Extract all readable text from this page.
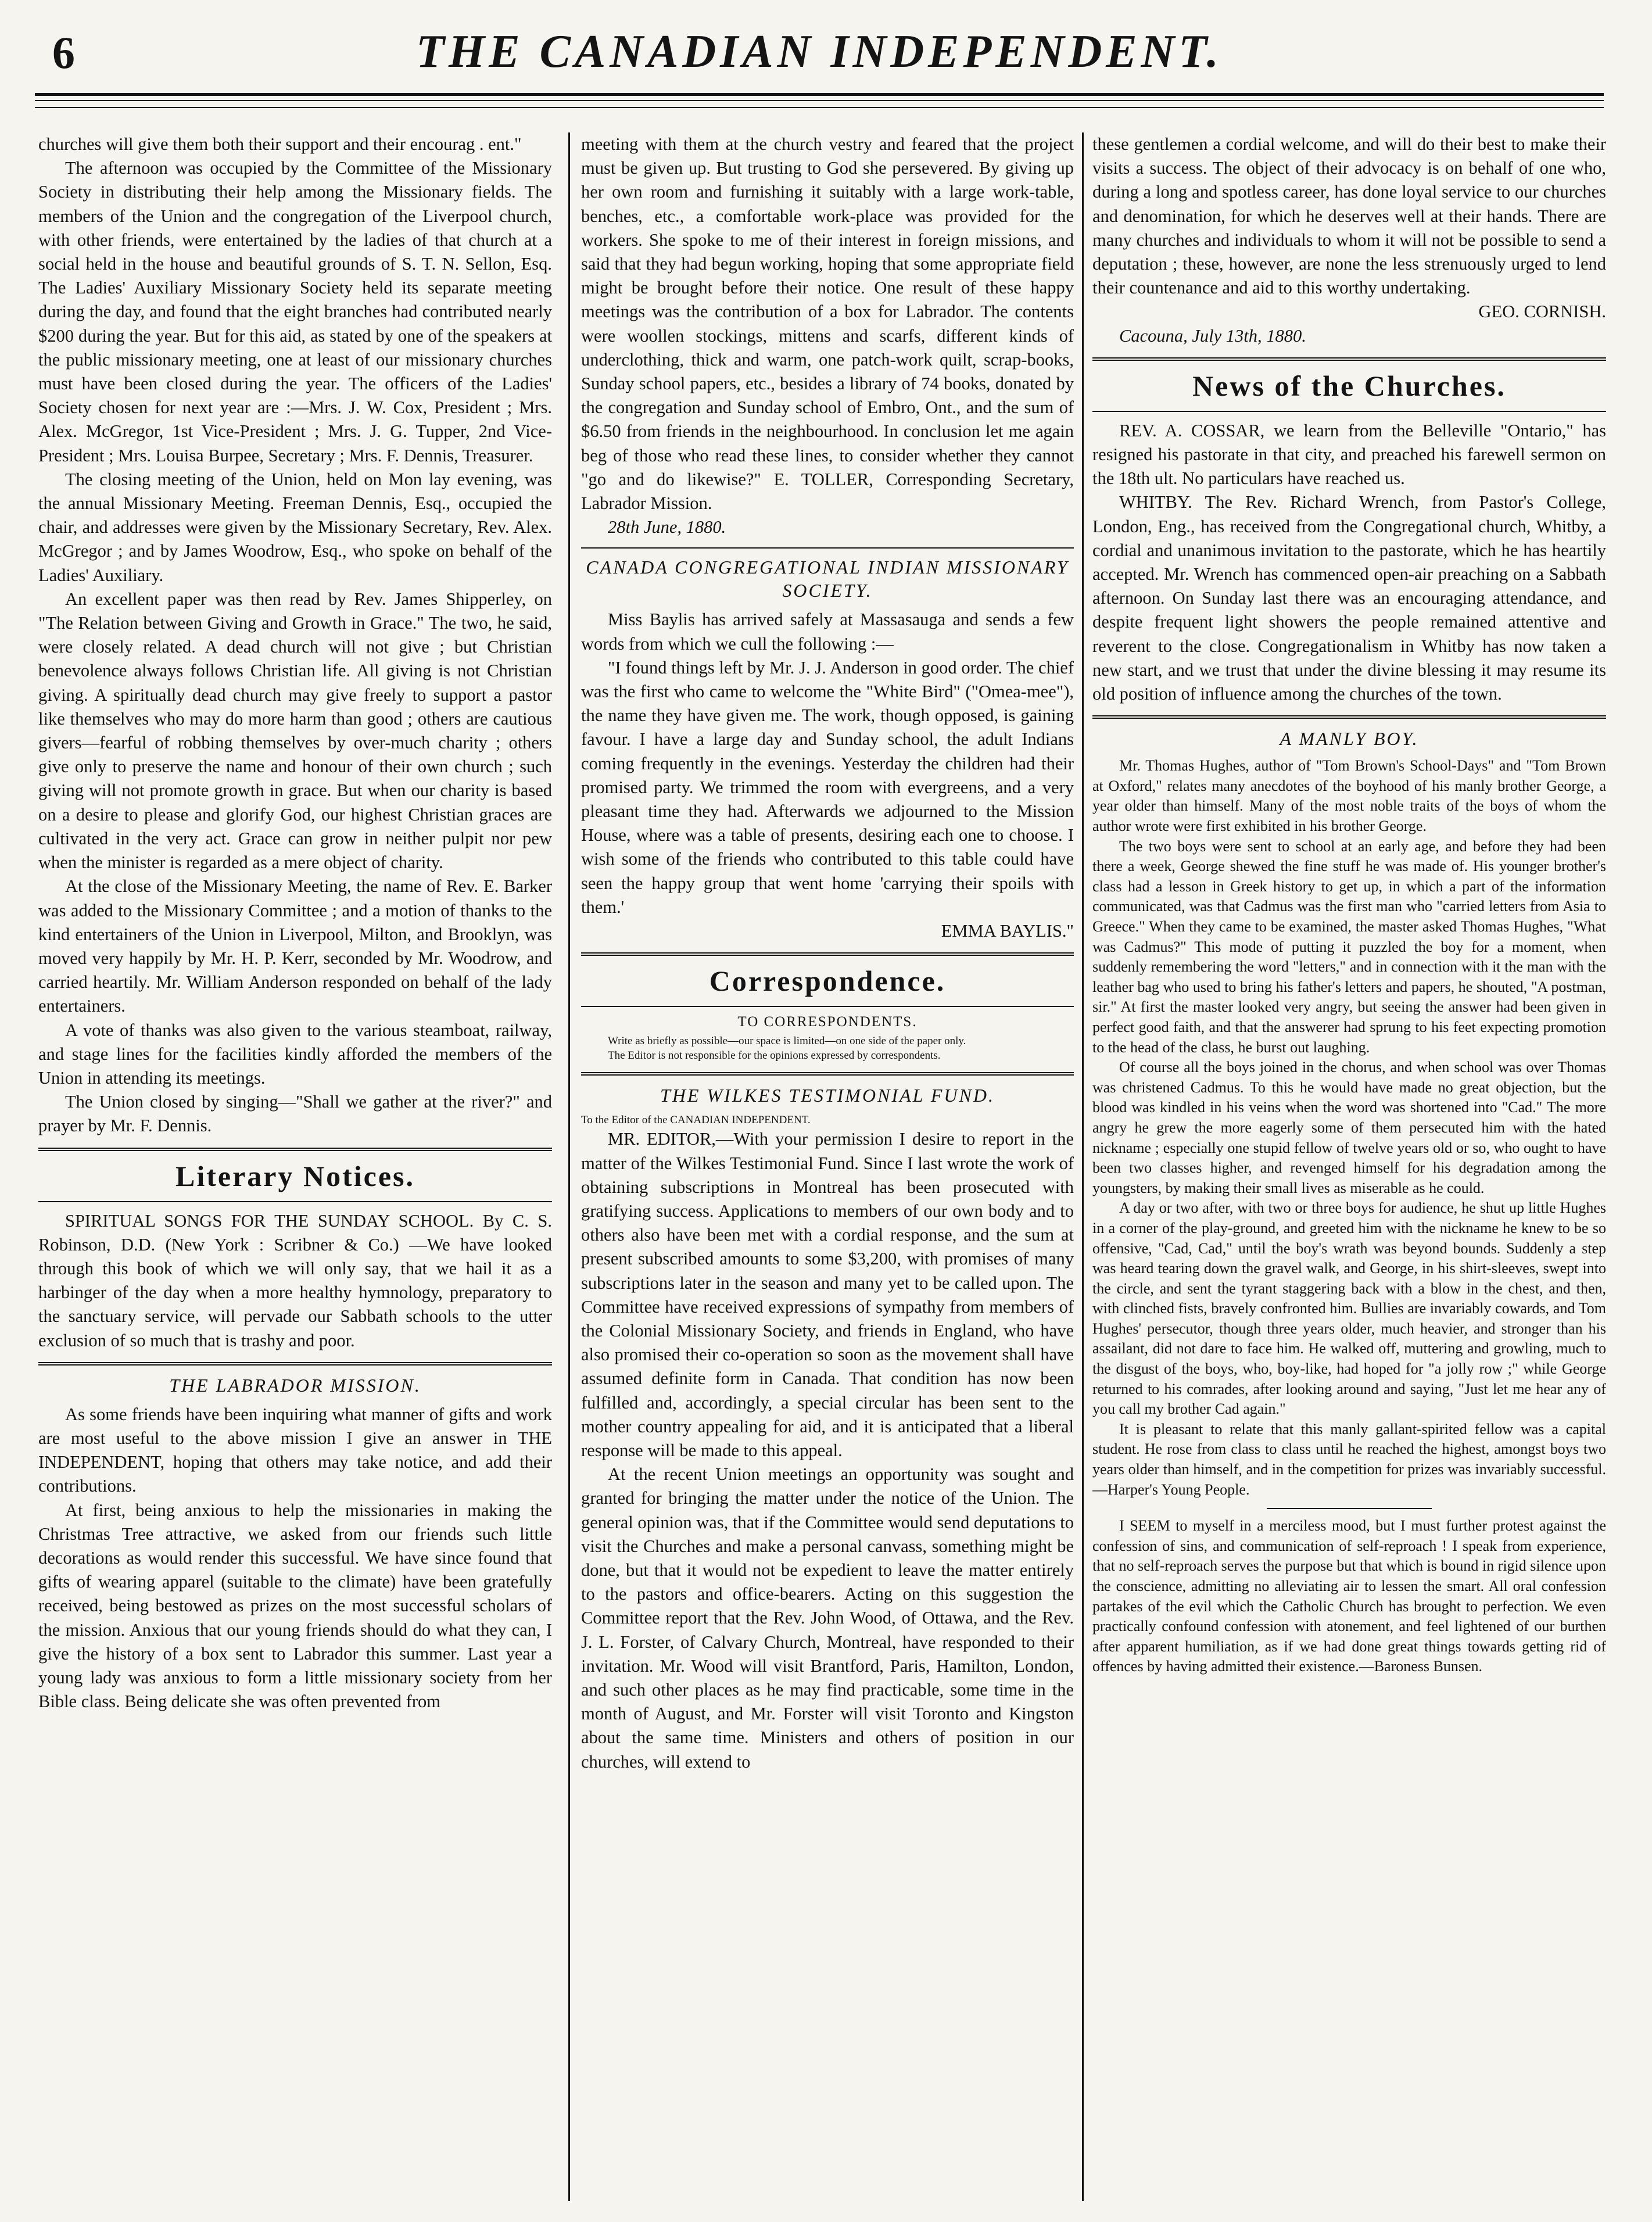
6	THE CANADIAN INDEPENDENT.

churches will give them both their support and their encourag . ent."

The afternoon was occupied by the Committee of the Missionary Society in distributing their help among the Missionary fields. The members of the Union and the congregation of the Liverpool church, with other friends, were entertained by the ladies of that church at a social held in the house and beautiful grounds of S. T. N. Sellon, Esq. The Ladies' Auxiliary Missionary Society held its separate meeting during the day, and found that the eight branches had contributed nearly $200 during the year. But for this aid, as stated by one of the speakers at the public missionary meeting, one at least of our missionary churches must have been closed during the year. The officers of the Ladies' Society chosen for next year are :—Mrs. J. W. Cox, President ; Mrs. Alex. McGregor, 1st Vice-President ; Mrs. J. G. Tupper, 2nd Vice-President ; Mrs. Louisa Burpee, Secretary ; Mrs. F. Dennis, Treasurer.

The closing meeting of the Union, held on Mon lay evening, was the annual Missionary Meeting. Freeman Dennis, Esq., occupied the chair, and addresses were given by the Missionary Secretary, Rev. Alex. McGregor ; and by James Woodrow, Esq., who spoke on behalf of the Ladies' Auxiliary.

An excellent paper was then read by Rev. James Shipperley, on "The Relation between Giving and Growth in Grace." The two, he said, were closely related. A dead church will not give ; but Christian benevolence always follows Christian life. All giving is not Christian giving. A spiritually dead church may give freely to support a pastor like themselves who may do more harm than good ; others are cautious givers—fearful of robbing themselves by over-much charity ; others give only to preserve the name and honour of their own church ; such giving will not promote growth in grace. But when our charity is based on a desire to please and glorify God, our highest Christian graces are cultivated in the very act. Grace can grow in neither pulpit nor pew when the minister is regarded as a mere object of charity.

At the close of the Missionary Meeting, the name of Rev. E. Barker was added to the Missionary Committee ; and a motion of thanks to the kind entertainers of the Union in Liverpool, Milton, and Brooklyn, was moved very happily by Mr. H. P. Kerr, seconded by Mr. Woodrow, and carried heartily. Mr. William Anderson responded on behalf of the lady entertainers.

A vote of thanks was also given to the various steamboat, railway, and stage lines for the facilities kindly afforded the members of the Union in attending its meetings.

The Union closed by singing—"Shall we gather at the river?" and prayer by Mr. F. Dennis.

Literary Notices.

SPIRITUAL SONGS FOR THE SUNDAY SCHOOL. By C. S. Robinson, D.D. (New York : Scribner & Co.) —We have looked through this book of which we will only say, that we hail it as a harbinger of the day when a more healthy hymnology, preparatory to the sanctuary service, will pervade our Sabbath schools to the utter exclusion of so much that is trashy and poor.

THE LABRADOR MISSION.

As some friends have been inquiring what manner of gifts and work are most useful to the above mission I give an answer in THE INDEPENDENT, hoping that others may take notice, and add their contributions.

At first, being anxious to help the missionaries in making the Christmas Tree attractive, we asked from our friends such little decorations as would render this successful. We have since found that gifts of wearing apparel (suitable to the climate) have been gratefully received, being bestowed as prizes on the most successful scholars of the mission. Anxious that our young friends should do what they can, I give the history of a box sent to Labrador this summer. Last year a young lady was anxious to form a little missionary society from her Bible class. Being delicate she was often prevented from

meeting with them at the church vestry and feared that the project must be given up. But trusting to God she persevered. By giving up her own room and furnishing it suitably with a large work-table, benches, etc., a comfortable work-place was provided for the workers. She spoke to me of their interest in foreign missions, and said that they had begun working, hoping that some appropriate field might be brought before their notice. One result of these happy meetings was the contribution of a box for Labrador. The contents were woollen stockings, mittens and scarfs, different kinds of underclothing, thick and warm, one patch-work quilt, scrap-books, Sunday school papers, etc., besides a library of 74 books, donated by the congregation and Sunday school of Embro, Ont., and the sum of $6.50 from friends in the neighbourhood. In conclusion let me again beg of those who read these lines, to consider whether they cannot "go and do likewise?" E. TOLLER, Corresponding Secretary, Labrador Mission.

28th June, 1880.

CANADA CONGREGATIONAL INDIAN MISSIONARY SOCIETY.

Miss Baylis has arrived safely at Massasauga and sends a few words from which we cull the following :—

"I found things left by Mr. J. J. Anderson in good order. The chief was the first who came to welcome the "White Bird" ("Omea-mee"), the name they have given me. The work, though opposed, is gaining favour. I have a large day and Sunday school, the adult Indians coming frequently in the evenings. Yesterday the children had their promised party. We trimmed the room with evergreens, and a very pleasant time they had. Afterwards we adjourned to the Mission House, where was a table of presents, desiring each one to choose. I wish some of the friends who contributed to this table could have seen the happy group that went home 'carrying their spoils with them.'

EMMA BAYLIS."

Correspondence.
TO CORRESPONDENTS.

Write as briefly as possible—our space is limited—on one side of the paper only.

The Editor is not responsible for the opinions expressed by correspondents.

THE WILKES TESTIMONIAL FUND.

To the Editor of the CANADIAN INDEPENDENT.

MR. EDITOR,—With your permission I desire to report in the matter of the Wilkes Testimonial Fund. Since I last wrote the work of obtaining subscriptions in Montreal has been prosecuted with gratifying success. Applications to members of our own body and to others also have been met with a cordial response, and the sum at present subscribed amounts to some $3,200, with promises of many subscriptions later in the season and many yet to be called upon. The Committee have received expressions of sympathy from members of the Colonial Missionary Society, and friends in England, who have also promised their co-operation so soon as the movement shall have assumed definite form in Canada. That condition has now been fulfilled and, accordingly, a special circular has been sent to the mother country appealing for aid, and it is anticipated that a liberal response will be made to this appeal.

At the recent Union meetings an opportunity was sought and granted for bringing the matter under the notice of the Union. The general opinion was, that if the Committee would send deputations to visit the Churches and make a personal canvass, something might be done, but that it would not be expedient to leave the matter entirely to the pastors and office-bearers. Acting on this suggestion the Committee report that the Rev. John Wood, of Ottawa, and the Rev. J. L. Forster, of Calvary Church, Montreal, have responded to their invitation. Mr. Wood will visit Brantford, Paris, Hamilton, London, and such other places as he may find practicable, some time in the month of August, and Mr. Forster will visit Toronto and Kingston about the same time. Ministers and others of position in our churches, will extend to

these gentlemen a cordial welcome, and will do their best to make their visits a success. The object of their advocacy is on behalf of one who, during a long and spotless career, has done loyal service to our churches and denomination, for which he deserves well at their hands. There are many churches and individuals to whom it will not be possible to send a deputation ; these, however, are none the less strenuously urged to lend their countenance and aid to this worthy undertaking.

GEO. CORNISH.

Cacouna, July 13th, 1880.

News of the Churches.

REV. A. COSSAR, we learn from the Belleville "Ontario," has resigned his pastorate in that city, and preached his farewell sermon on the 18th ult. No particulars have reached us.

WHITBY. The Rev. Richard Wrench, from Pastor's College, London, Eng., has received from the Congregational church, Whitby, a cordial and unanimous invitation to the pastorate, which he has heartily accepted. Mr. Wrench has commenced open-air preaching on a Sabbath afternoon. On Sunday last there was an encouraging attendance, and despite frequent light showers the people remained attentive and reverent to the close. Congregationalism in Whitby has now taken a new start, and we trust that under the divine blessing it may resume its old position of influence among the churches of the town.

A MANLY BOY.

Mr. Thomas Hughes, author of "Tom Brown's School-Days" and "Tom Brown at Oxford," relates many anecdotes of the boyhood of his manly brother George, a year older than himself. Many of the most noble traits of the boys of whom the author wrote were first exhibited in his brother George.

The two boys were sent to school at an early age, and before they had been there a week, George shewed the fine stuff he was made of. His younger brother's class had a lesson in Greek history to get up, in which a part of the information communicated, was that Cadmus was the first man who "carried letters from Asia to Greece." When they came to be examined, the master asked Thomas Hughes, "What was Cadmus?" This mode of putting it puzzled the boy for a moment, when suddenly remembering the word "letters," and in connection with it the man with the leather bag who used to bring his father's letters and papers, he shouted, "A postman, sir." At first the master looked very angry, but seeing the answer had been given in perfect good faith, and that the answerer had sprung to his feet expecting promotion to the head of the class, he burst out laughing.

Of course all the boys joined in the chorus, and when school was over Thomas was christened Cadmus. To this he would have made no great objection, but the blood was kindled in his veins when the word was shortened into "Cad." The more angry he grew the more eagerly some of them persecuted him with the hated nickname ; especially one stupid fellow of twelve years old or so, who ought to have been two classes higher, and revenged himself for his degradation among the youngsters, by making their small lives as miserable as he could.

A day or two after, with two or three boys for audience, he shut up little Hughes in a corner of the play-ground, and greeted him with the nickname he knew to be so offensive, "Cad, Cad," until the boy's wrath was beyond bounds. Suddenly a step was heard tearing down the gravel walk, and George, in his shirt-sleeves, swept into the circle, and sent the tyrant staggering back with a blow in the chest, and then, with clinched fists, bravely confronted him. Bullies are invariably cowards, and Tom Hughes' persecutor, though three years older, much heavier, and stronger than his assailant, did not dare to face him. He walked off, muttering and growling, much to the disgust of the boys, who, boy-like, had hoped for "a jolly row ;" while George returned to his comrades, after looking around and saying, "Just let me hear any of you call my brother Cad again."

It is pleasant to relate that this manly gallant-spirited fellow was a capital student. He rose from class to class until he reached the highest, amongst boys two years older than himself, and in the competition for prizes was invariably successful.—Harper's Young People.

I SEEM to myself in a merciless mood, but I must further protest against the confession of sins, and communication of self-reproach ! I speak from experience, that no self-reproach serves the purpose but that which is bound in rigid silence upon the conscience, admitting no alleviating air to lessen the smart. All oral confession partakes of the evil which the Catholic Church has brought to perfection. We even practically confound confession with atonement, and feel lightened of our burthen after apparent humiliation, as if we had done great things towards getting rid of offences by having admitted their existence.—Baroness Bunsen.
